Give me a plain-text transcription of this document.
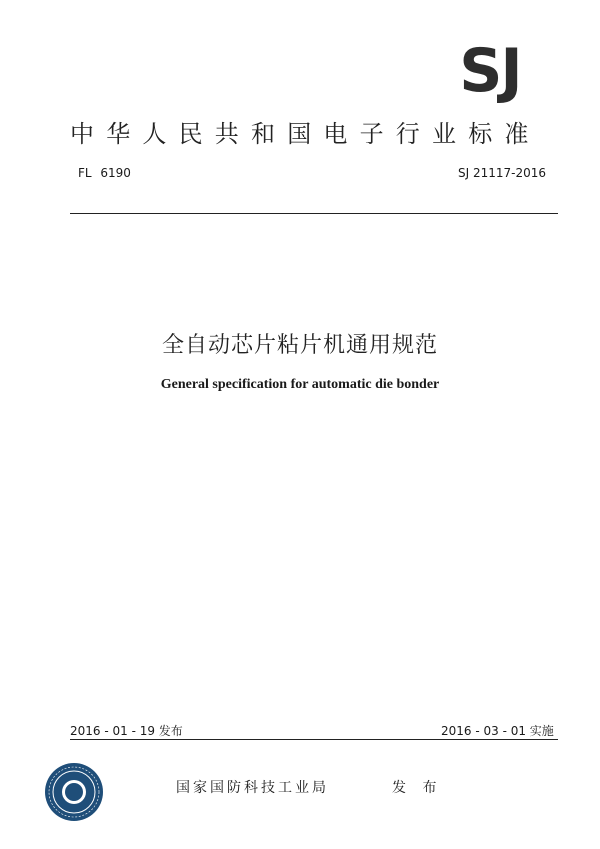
SJ
中华人民共和国电子行业标准
FL 6190	SJ 21117-2016
全自动芯片粘片机通用规范
General specification for automatic die bonder
2016 - 01 - 19 发布	2016 - 03 - 01 实施
国家国防科技工业局	发 布
